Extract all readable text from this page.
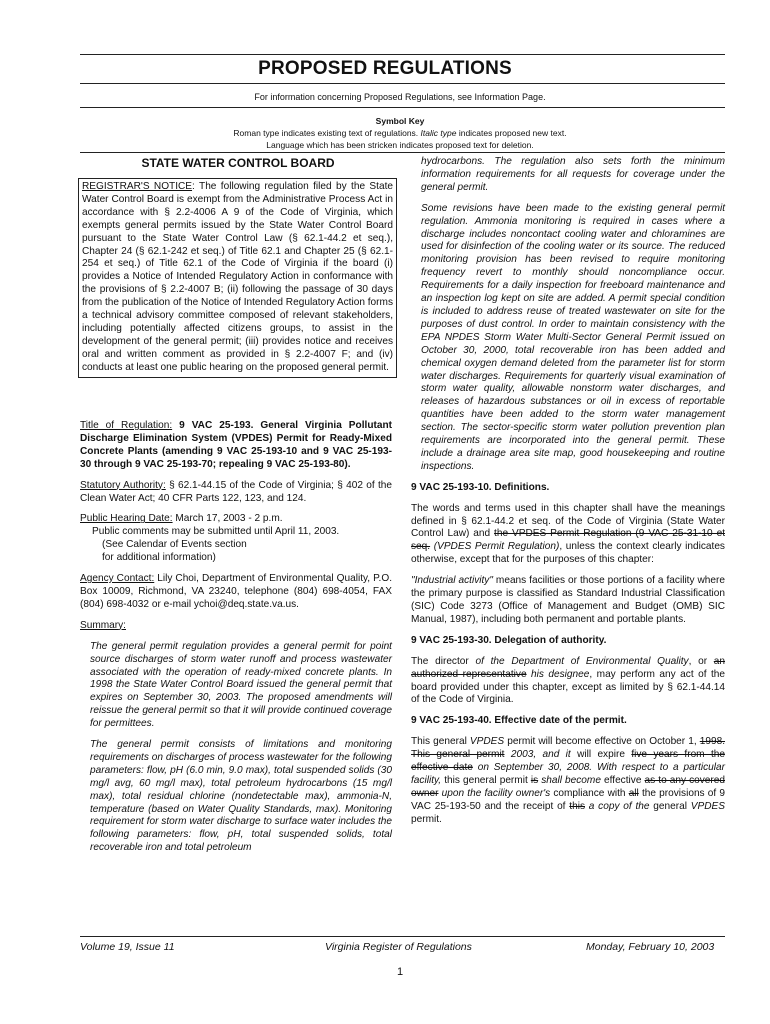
PROPOSED REGULATIONS
For information concerning Proposed Regulations, see Information Page.
Symbol Key
Roman type indicates existing text of regulations. Italic type indicates proposed new text.
Language which has been stricken indicates proposed text for deletion.
STATE WATER CONTROL BOARD
REGISTRAR'S NOTICE: The following regulation filed by the State Water Control Board is exempt from the Administrative Process Act in accordance with § 2.2-4006 A 9 of the Code of Virginia, which exempts general permits issued by the State Water Control Board pursuant to the State Water Control Law (§ 62.1-44.2 et seq.), Chapter 24 (§ 62.1-242 et seq.) of Title 62.1 and Chapter 25 (§ 62.1-254 et seq.) of Title 62.1 of the Code of Virginia if the board (i) provides a Notice of Intended Regulatory Action in conformance with the provisions of § 2.2-4007 B; (ii) following the passage of 30 days from the publication of the Notice of Intended Regulatory Action forms a technical advisory committee composed of relevant stakeholders, including potentially affected citizens groups, to assist in the development of the general permit; (iii) provides notice and receives oral and written comment as provided in § 2.2-4007 F; and (iv) conducts at least one public hearing on the proposed general permit.

Title of Regulation: 9 VAC 25-193. General Virginia Pollutant Discharge Elimination System (VPDES) Permit for Ready-Mixed Concrete Plants (amending 9 VAC 25-193-10 and 9 VAC 25-193-30 through 9 VAC 25-193-70; repealing 9 VAC 25-193-80).

Statutory Authority: § 62.1-44.15 of the Code of Virginia; § 402 of the Clean Water Act; 40 CFR Parts 122, 123, and 124.

Public Hearing Date: March 17, 2003 - 2 p.m.
Public comments may be submitted until April 11, 2003.
(See Calendar of Events section
for additional information)

Agency Contact: Lily Choi, Department of Environmental Quality, P.O. Box 10009, Richmond, VA 23240, telephone (804) 698-4054, FAX (804) 698-4032 or e-mail ychoi@deq.state.va.us.

Summary:

The general permit regulation provides a general permit for point source discharges of storm water runoff and process wastewater associated with the operation of ready-mixed concrete plants. In 1998 the State Water Control Board issued the general permit that expires on September 30, 2003. The proposed amendments will reissue the general permit so that it will provide continued coverage for permittees.

The general permit consists of limitations and monitoring requirements on discharges of process wastewater for the following parameters: flow, pH (6.0 min, 9.0 max), total suspended solids (30 mg/l avg, 60 mg/l max), total petroleum hydrocarbons (15 mg/l max), total residual chlorine (nondetectable max), ammonia-N, temperature (based on Water Quality Standards, max). Monitoring requirement for storm water discharge to surface water includes the following parameters: flow, pH, total suspended solids, total recoverable iron and total petroleum

hydrocarbons. The regulation also sets forth the minimum information requirements for all requests for coverage under the general permit.

Some revisions have been made to the existing general permit regulation. Ammonia monitoring is required in cases where a discharge includes noncontact cooling water and chloramines are used for disinfection of the cooling water or its source. The reduced monitoring provision has been revised to require monitoring frequency revert to monthly should noncompliance occur. Requirements for a daily inspection for freeboard maintenance and an inspection log kept on site are added. A permit special condition is included to address reuse of treated wastewater on site for the purposes of dust control. In order to maintain consistency with the EPA NPDES Storm Water Multi-Sector General Permit issued on October 30, 2000, total recoverable iron has been added and chemical oxygen demand deleted from the parameter list for storm water discharges. Requirements for quarterly visual examination of storm water quality, allowable nonstorm water discharges, and releases of hazardous substances or oil in excess of reportable quantities have been added to the storm water management section. The sector-specific storm water pollution prevention plan requirements are incorporated into the general permit. These include a drainage area site map, good housekeeping and routine inspections.

9 VAC 25-193-10. Definitions.

The words and terms used in this chapter shall have the meanings defined in § 62.1-44.2 et seq. of the Code of Virginia (State Water Control Law) and the VPDES Permit Regulation (9 VAC 25-31-10 et seq. (VPDES Permit Regulation), unless the context clearly indicates otherwise, except that for the purposes of this chapter:

"Industrial activity" means facilities or those portions of a facility where the primary purpose is classified as Standard Industrial Classification (SIC) Code 3273 (Office of Management and Budget (OMB) SIC Manual, 1987), including both permanent and portable plants.

9 VAC 25-193-30. Delegation of authority.

The director of the Department of Environmental Quality, or an authorized representative his designee, may perform any act of the board provided under this chapter, except as limited by § 62.1-44.14 of the Code of Virginia.

9 VAC 25-193-40. Effective date of the permit.

This general VPDES permit will become effective on October 1, 1998. This general permit 2003, and it will expire five years from the effective date on September 30, 2008. With respect to a particular facility, this general permit is shall become effective as to any covered owner upon the facility owner's compliance with all the provisions of 9 VAC 25-193-50 and the receipt of this a copy of the general VPDES permit.

Volume 19, Issue 11	Virginia Register of Regulations	Monday, February 10, 2003
1
